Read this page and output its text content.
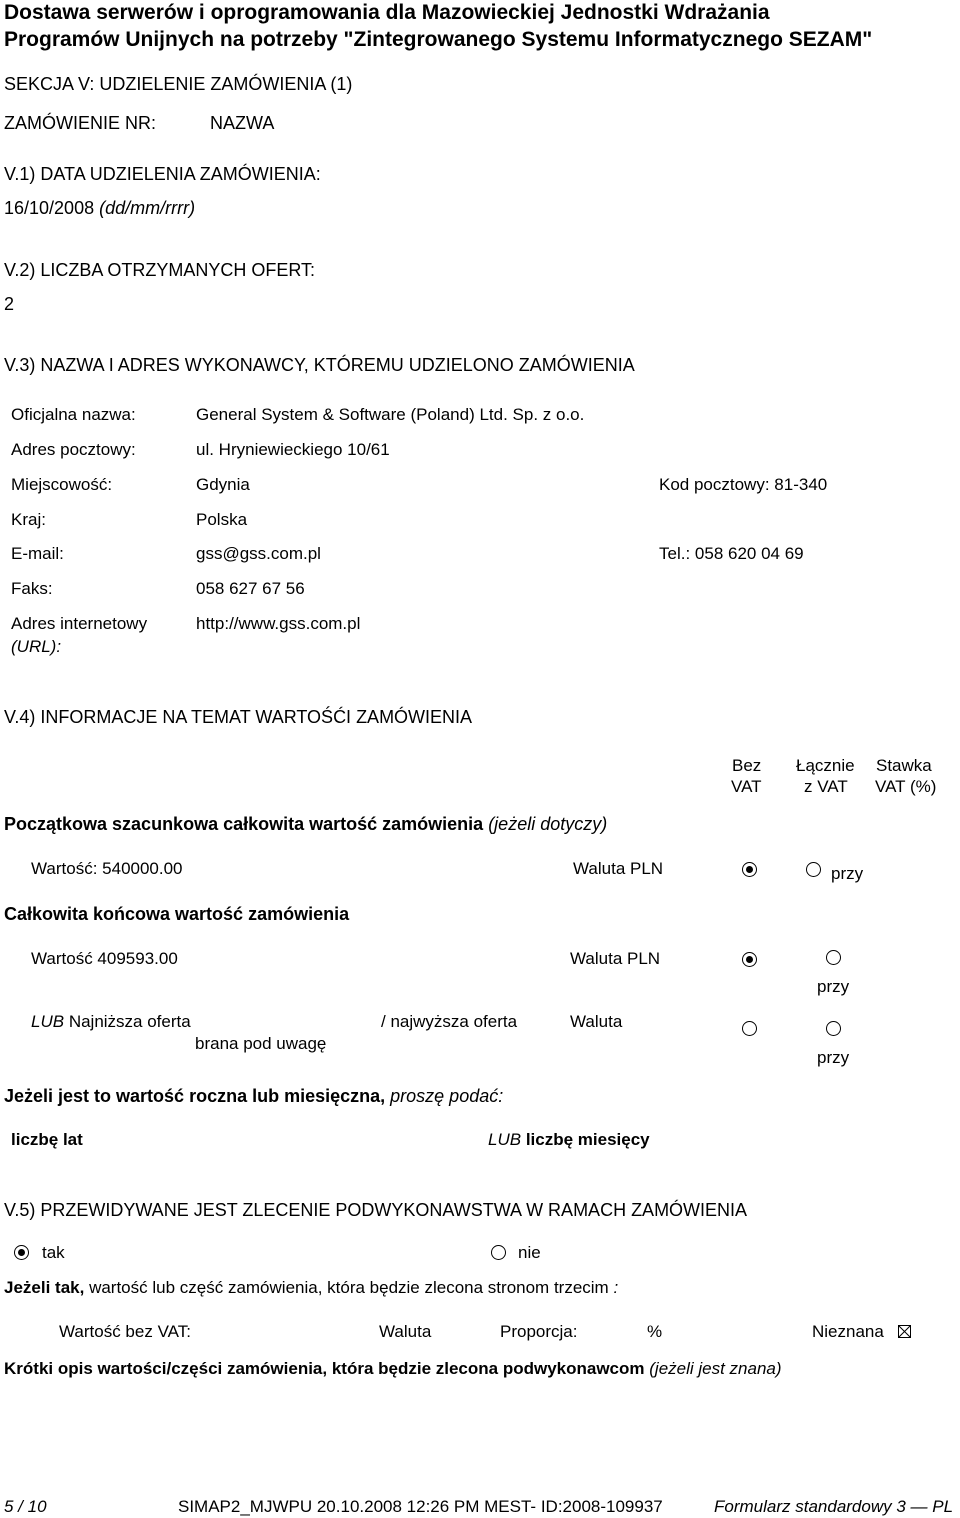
Dostawa serwerów i oprogramowania dla Mazowieckiej Jednostki Wdrażania
Programów Unijnych na potrzeby "Zintegrowanego Systemu Informatycznego SEZAM"
SEKCJA V: UDZIELENIE ZAMÓWIENIA (1)
ZAMÓWIENIE NR:	NAZWA
V.1) DATA UDZIELENIA ZAMÓWIENIA:
16/10/2008 (dd/mm/rrrr)
V.2) LICZBA OTRZYMANYCH OFERT:
2
V.3) NAZWA I ADRES WYKONAWCY, KTÓREMU UDZIELONO ZAMÓWIENIA
Oficjalna nazwa:	General System & Software (Poland) Ltd. Sp. z o.o.
Adres pocztowy:	ul. Hryniewieckiego 10/61
Miejscowość:	Gdynia	Kod pocztowy: 81-340
Kraj:	Polska
E-mail:	gss@gss.com.pl	Tel.: 058 620 04 69
Faks:	058 627 67 56
Adres internetowy
(URL):
http://www.gss.com.pl
V.4) INFORMACJE NA TEMAT WARTOŚĆI ZAMÓWIENIA
Bez
VAT
Łącznie
z VAT
Stawka
VAT (%)
Początkowa szacunkowa całkowita wartość zamówienia (jeżeli dotyczy)
Wartość: 540000.00	Waluta PLN	przy
Całkowita końcowa wartość zamówienia
Wartość 409593.00	Waluta PLN
przy
LUB Najniższa oferta
brana pod uwagę
/ najwyższa oferta	Waluta
przy
Jeżeli jest to wartość roczna lub miesięczna, proszę podać:
liczbę lat	LUB liczbę miesięcy
V.5) PRZEWIDYWANE JEST ZLECENIE PODWYKONAWSTWA W RAMACH ZAMÓWIENIA
tak	nie
Jeżeli tak, wartość lub część zamówienia, która będzie zlecona stronom trzecim :
Wartość bez VAT:	Waluta	Proporcja:	%	Nieznana
Krótki opis wartości/części zamówienia, która będzie zlecona podwykonawcom (jeżeli jest znana)
5 / 10	SIMAP2_MJWPU 20.10.2008 12:26 PM MEST- ID:2008-109937	Formularz standardowy 3 — PL
